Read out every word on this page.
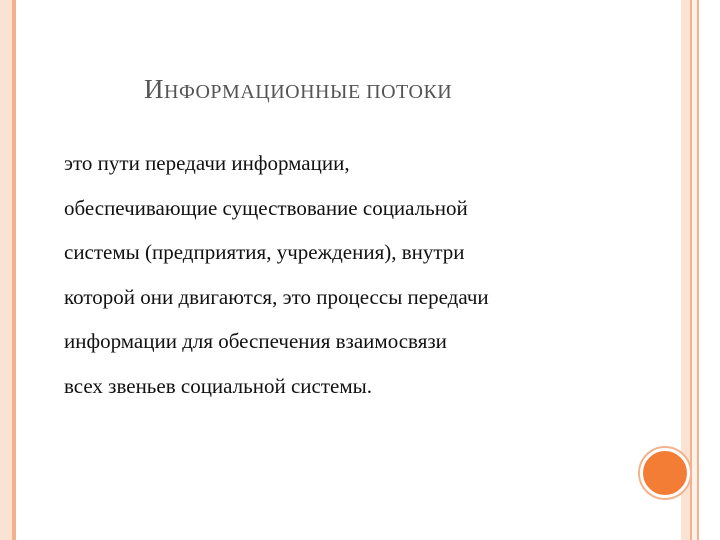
ИНФОРМАЦИОННЫЕ ПОТОКИ

это пути передачи информации,
обеспечивающие существование социальной
системы (предприятия, учреждения), внутри
которой они двигаются, это процессы передачи
информации для обеспечения взаимосвязи
всех звеньев социальной системы.
